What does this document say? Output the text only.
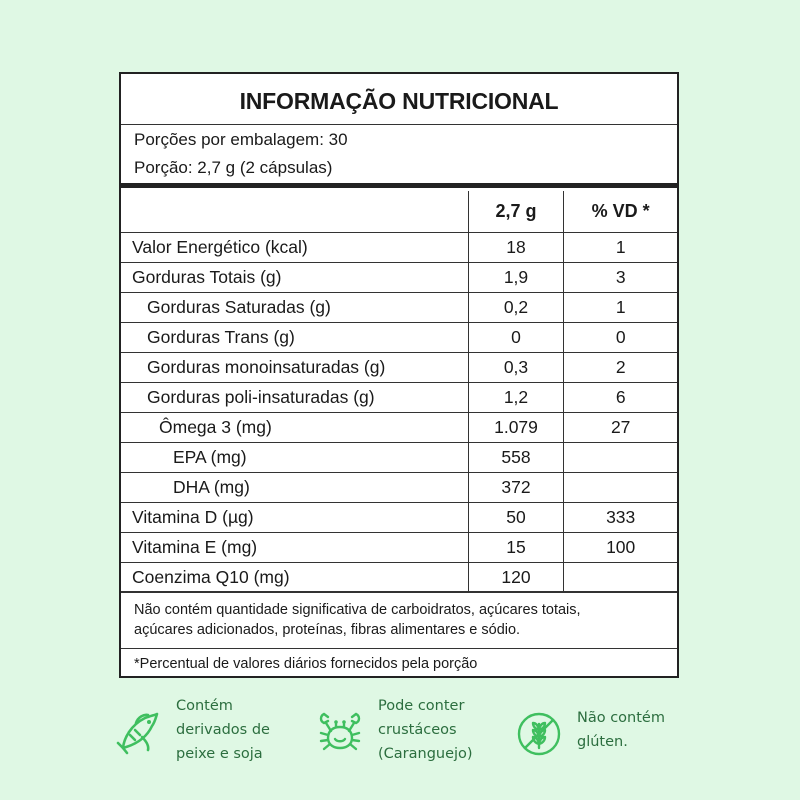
INFORMAÇÃO NUTRICIONAL
Porções por embalagem: 30
Porção: 2,7 g (2 cápsulas)
	2,7 g	% VD *
Valor Energético (kcal)	18	1
Gorduras Totais (g)	1,9	3
Gorduras Saturadas (g)	0,2	1
Gorduras Trans (g)	0	0
Gorduras monoinsaturadas (g)	0,3	2
Gorduras poli-insaturadas (g)	1,2	6
Ômega 3 (mg)	1.079	27
EPA (mg)	558	
DHA (mg)	372	
Vitamina D (µg)	50	333
Vitamina E (mg)	15	100
Coenzima Q10 (mg)	120	
Não contém quantidade significativa de carboidratos, açúcares totais,
açúcares adicionados, proteínas, fibras alimentares e sódio.
*Percentual de valores diários fornecidos pela porção
Contém
derivados de
peixe e soja
Pode conter
crustáceos
(Caranguejo)
Não contém
glúten.
